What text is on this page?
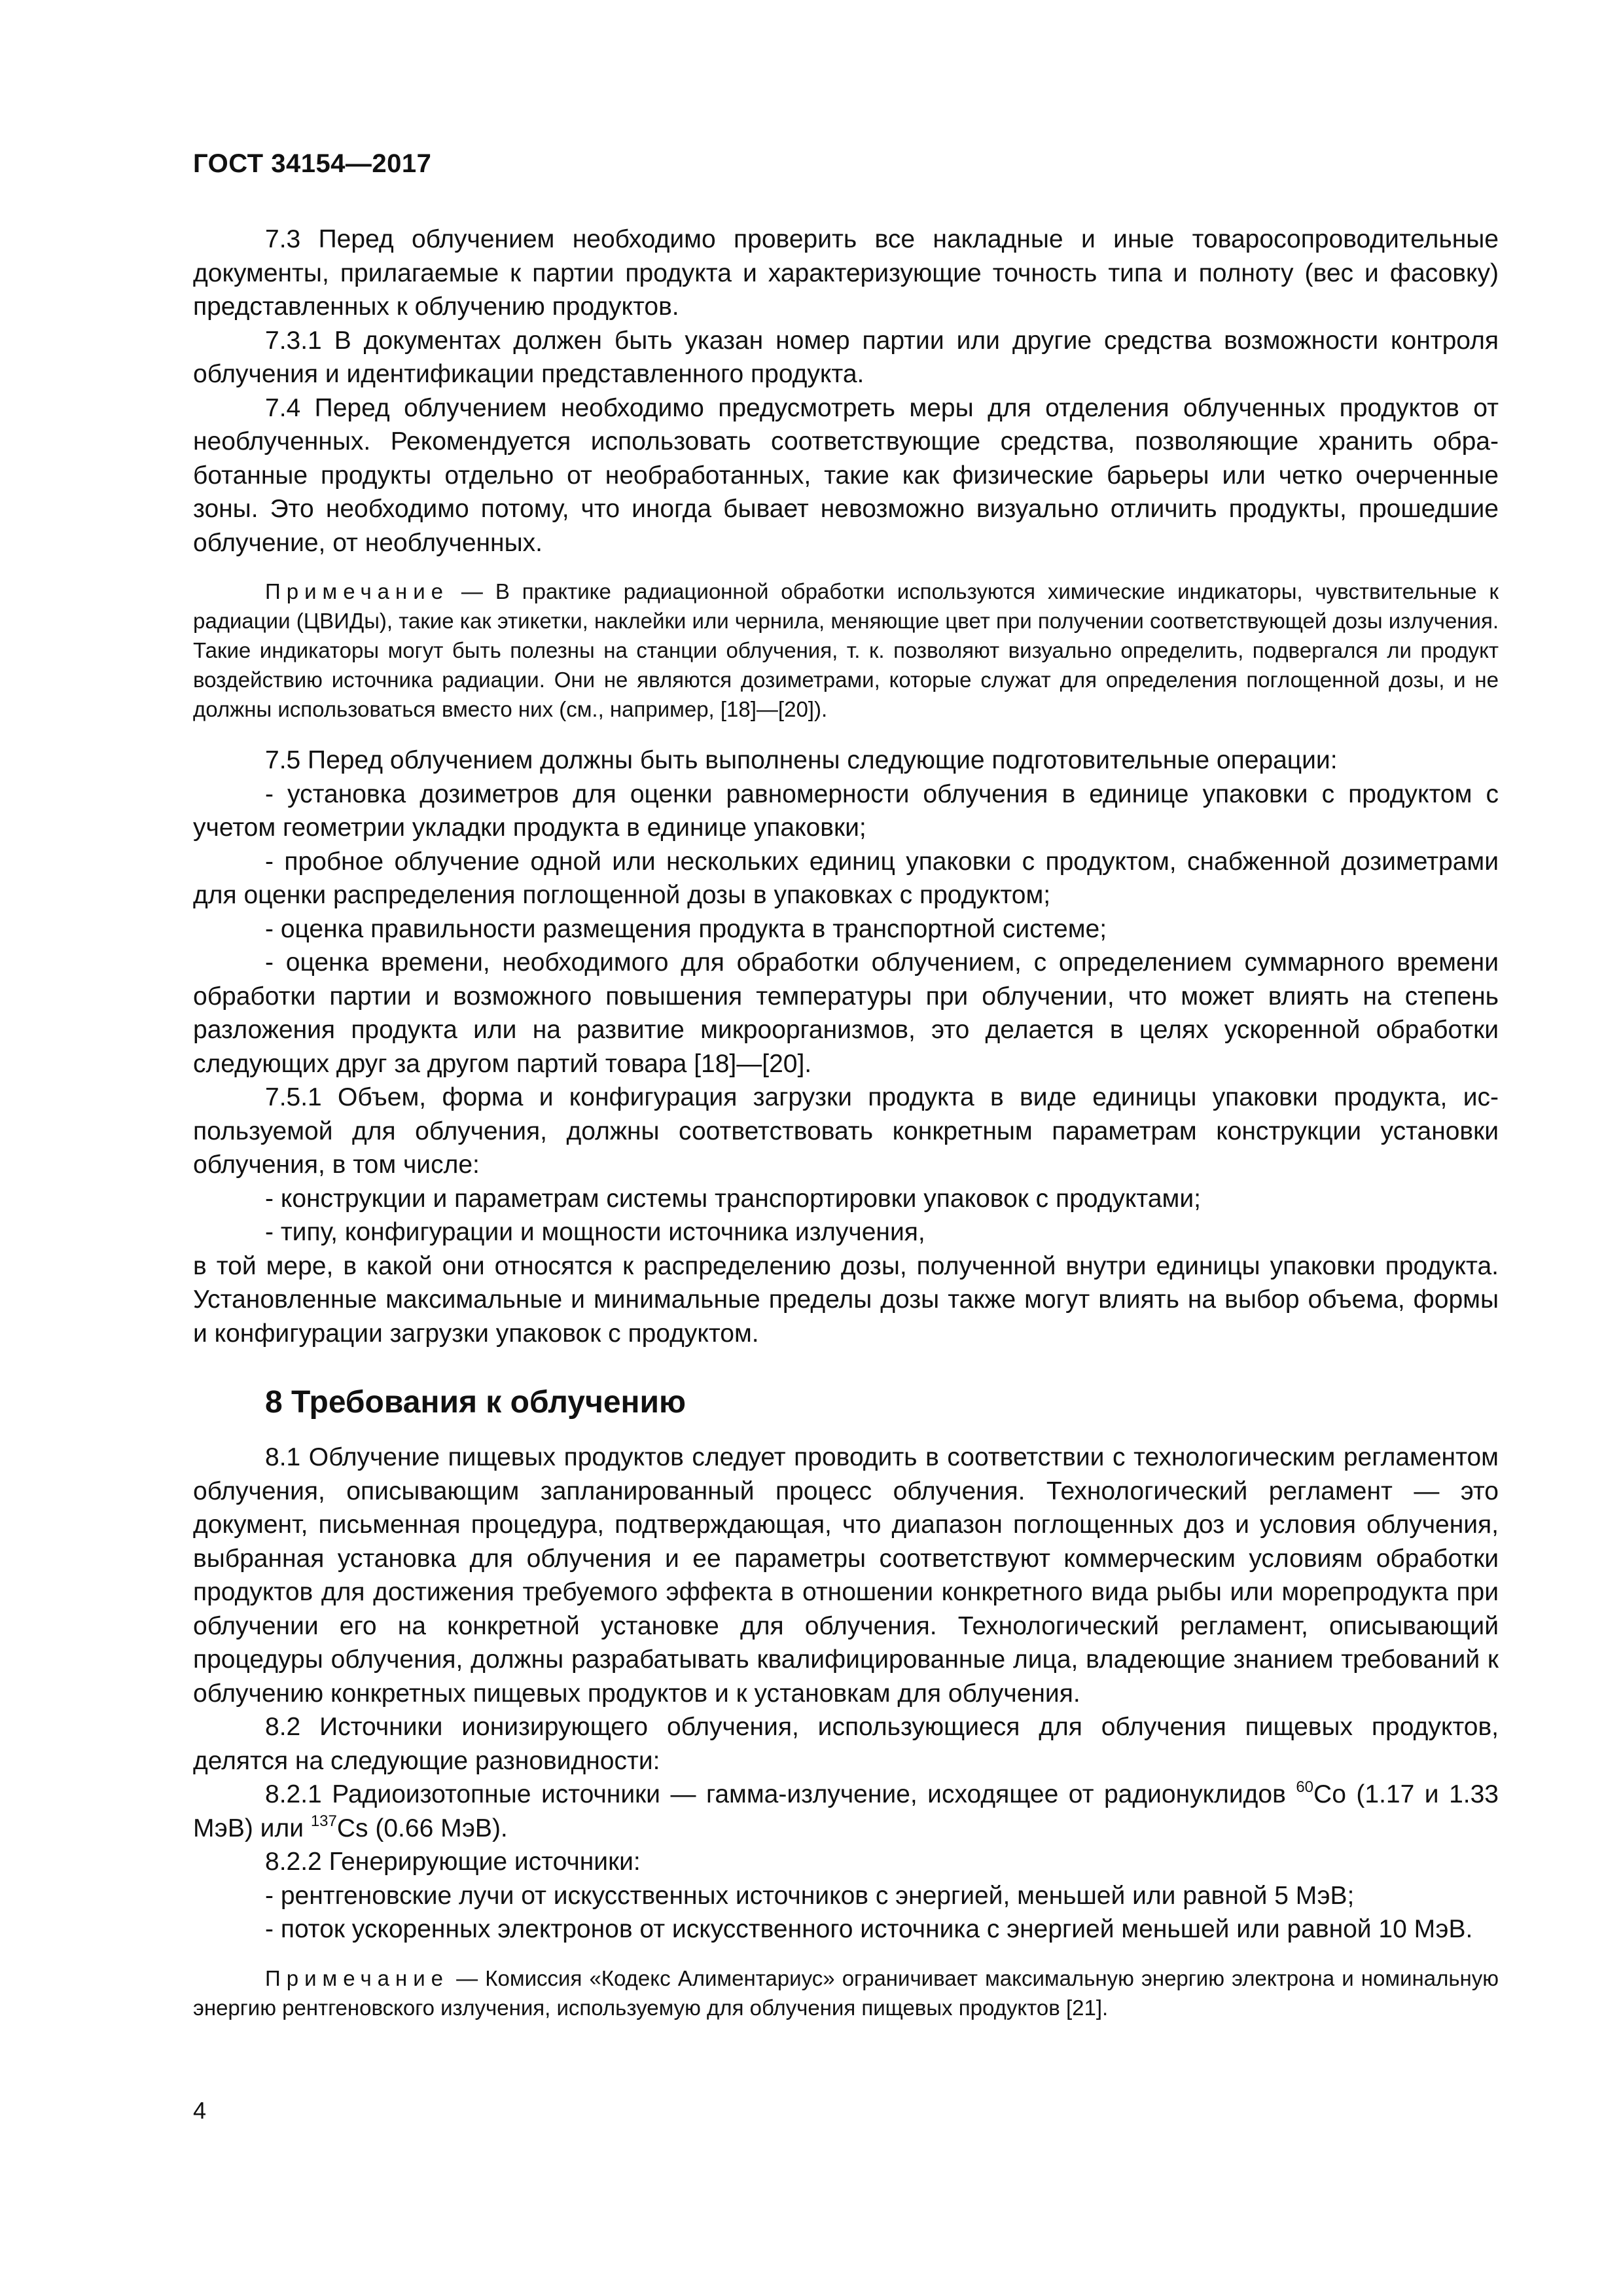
ГОСТ 34154—2017

7.3 Перед облучением необходимо проверить все накладные и иные товаросопроводительные документы, прилагаемые к партии продукта и характеризующие точность типа и полноту (вес и фасовку) представленных к облучению продуктов.

7.3.1 В документах должен быть указан номер партии или другие средства возможности контроля облучения и идентификации представленного продукта.

7.4 Перед облучением необходимо предусмотреть меры для отделения облученных продуктов от необлученных. Рекомендуется использовать соответствующие средства, позволяющие хранить обработанные продукты отдельно от необработанных, такие как физические барьеры или четко очерченные зоны. Это необходимо потому, что иногда бывает невозможно визуально отличить продукты, прошедшие облучение, от необлученных.

Примечание — В практике радиационной обработки используются химические индикаторы, чувствительные к радиации (ЦВИДы), такие как этикетки, наклейки или чернила, меняющие цвет при получении соответствующей дозы излучения. Такие индикаторы могут быть полезны на станции облучения, т. к. позволяют визуально определить, подвергался ли продукт воздействию источника радиации. Они не являются дозиметрами, которые служат для определения поглощенной дозы, и не должны использоваться вместо них (см., например, [18]—[20]).

7.5 Перед облучением должны быть выполнены следующие подготовительные операции:

- установка дозиметров для оценки равномерности облучения в единице упаковки с продуктом с учетом геометрии укладки продукта в единице упаковки;

- пробное облучение одной или нескольких единиц упаковки с продуктом, снабженной дозиметрами для оценки распределения поглощенной дозы в упаковках с продуктом;

- оценка правильности размещения продукта в транспортной системе;

- оценка времени, необходимого для обработки облучением, с определением суммарного времени обработки партии и возможного повышения температуры при облучении, что может влиять на степень разложения продукта или на развитие микроорганизмов, это делается в целях ускоренной обработки следующих друг за другом партий товара [18]—[20].

7.5.1 Объем, форма и конфигурация загрузки продукта в виде единицы упаковки продукта, используемой для облучения, должны соответствовать конкретным параметрам конструкции установки облучения, в том числе:

- конструкции и параметрам системы транспортировки упаковок с продуктами;

- типу, конфигурации и мощности источника излучения,

в той мере, в какой они относятся к распределению дозы, полученной внутри единицы упаковки продукта. Установленные максимальные и минимальные пределы дозы также могут влиять на выбор объема, формы и конфигурации загрузки упаковок с продуктом.

8 Требования к облучению

8.1 Облучение пищевых продуктов следует проводить в соответствии с технологическим регламентом облучения, описывающим запланированный процесс облучения. Технологический регламент — это документ, письменная процедура, подтверждающая, что диапазон поглощенных доз и условия облучения, выбранная установка для облучения и ее параметры соответствуют коммерческим условиям обработки продуктов для достижения требуемого эффекта в отношении конкретного вида рыбы или морепродукта при облучении его на конкретной установке для облучения. Технологический регламент, описывающий процедуры облучения, должны разрабатывать квалифицированные лица, владеющие знанием требований к облучению конкретных пищевых продуктов и к установкам для облучения.

8.2 Источники ионизирующего облучения, использующиеся для облучения пищевых продуктов, делятся на следующие разновидности:

8.2.1 Радиоизотопные источники — гамма-излучение, исходящее от радионуклидов $^{60}$Co (1.17 и 1.33 МэВ) или $^{137}$Cs (0.66 МэВ).

8.2.2 Генерирующие источники:

- рентгеновские лучи от искусственных источников с энергией, меньшей или равной 5 МэВ;

- поток ускоренных электронов от искусственного источника с энергией меньшей или равной 10 МэВ.

Примечание — Комиссия «Кодекс Алиментариус» ограничивает максимальную энергию электрона и номинальную энергию рентгеновского излучения, используемую для облучения пищевых продуктов [21].

4
